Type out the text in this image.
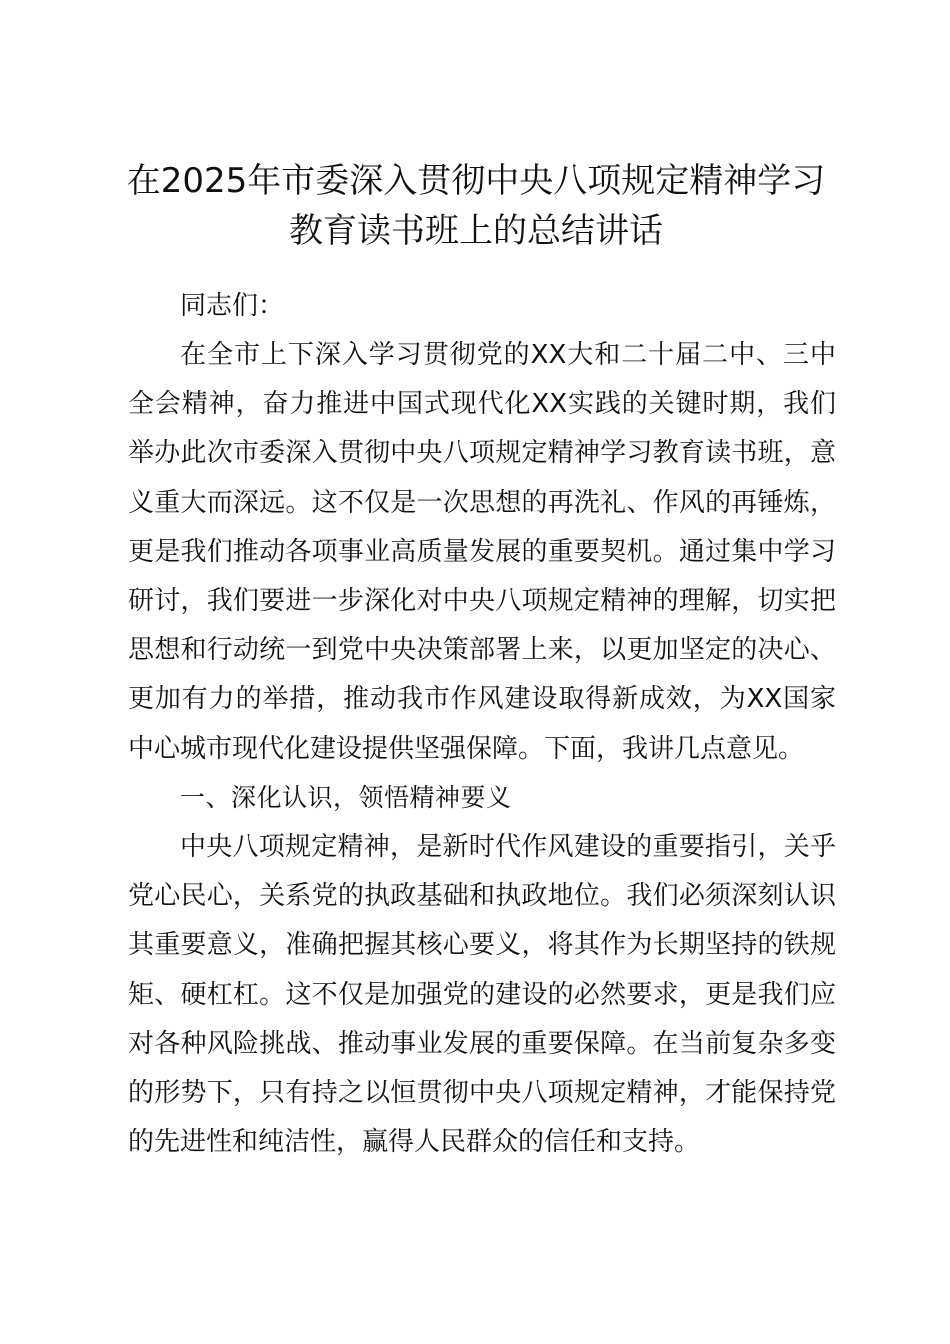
在2025年市委深入贯彻中央八项规定精神学习教育读书班上的总结讲话

同志们：

在全市上下深入学习贯彻党的XX大和二十届二中、三中全会精神，奋力推进中国式现代化XX实践的关键时期，我们举办此次市委深入贯彻中央八项规定精神学习教育读书班，意义重大而深远。这不仅是一次思想的再洗礼、作风的再锤炼，更是我们推动各项事业高质量发展的重要契机。通过集中学习研讨，我们要进一步深化对中央八项规定精神的理解，切实把思想和行动统一到党中央决策部署上来，以更加坚定的决心、更加有力的举措，推动我市作风建设取得新成效，为XX国家中心城市现代化建设提供坚强保障。下面，我讲几点意见。

一、深化认识，领悟精神要义

中央八项规定精神，是新时代作风建设的重要指引，关乎党心民心，关系党的执政基础和执政地位。我们必须深刻认识其重要意义，准确把握其核心要义，将其作为长期坚持的铁规矩、硬杠杠。这不仅是加强党的建设的必然要求，更是我们应对各种风险挑战、推动事业发展的重要保障。在当前复杂多变的形势下，只有持之以恒贯彻中央八项规定精神，才能保持党的先进性和纯洁性，赢得人民群众的信任和支持。
